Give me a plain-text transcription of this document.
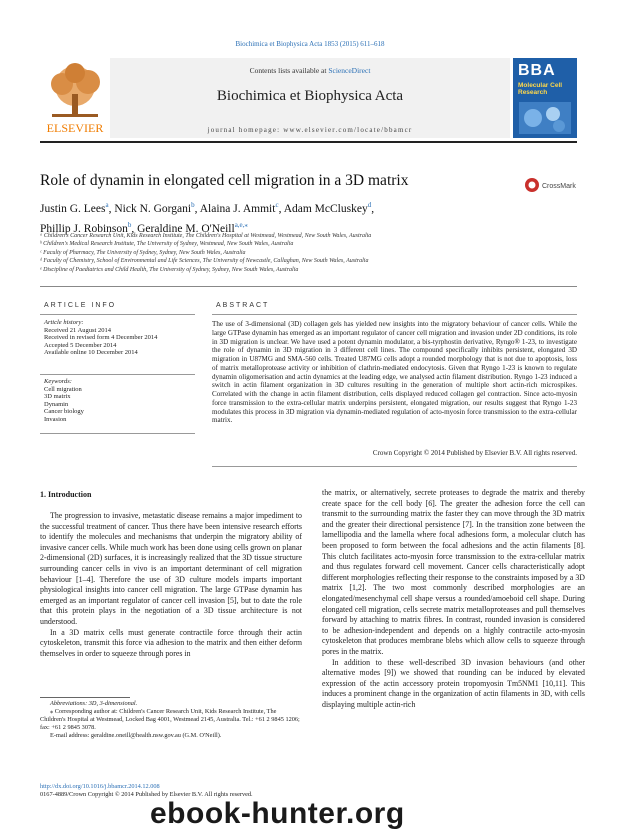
Biochimica et Biophysica Acta 1853 (2015) 611–618
ELSEVIER
Contents lists available at ScienceDirect
Biochimica et Biophysica Acta
journal homepage: www.elsevier.com/locate/bbamcr
BBA
Molecular Cell Research
Role of dynamin in elongated cell migration in a 3D matrix	CrossMark
Justin G. Lees$^a$, Nick N. Gorgani$^b$, Alaina J. Ammit$^c$, Adam McCluskey$^d$,
Phillip J. Robinson$^b$, Geraldine M. O'Neill$^{a,e,⁎}$
ᵃ Children's Cancer Research Unit, Kids Research Institute, The Children's Hospital at Westmead, Westmead, New South Wales, Australia
ᵇ Children's Medical Research Institute, The University of Sydney, Westmead, New South Wales, Australia
ᶜ Faculty of Pharmacy, The University of Sydney, Sydney, New South Wales, Australia
ᵈ Faculty of Chemistry, School of Environmental and Life Sciences, The University of Newcastle, Callaghan, New South Wales, Australia
ᵉ Discipline of Paediatrics and Child Health, The University of Sydney, Sydney, New South Wales, Australia
ARTICLE INFO
Article history:
Received 21 August 2014
Received in revised form 4 December 2014
Accepted 5 December 2014
Available online 10 December 2014
Keywords:
Cell migration
3D matrix
Dynamin
Cancer biology
Invasion
ABSTRACT
The use of 3-dimensional (3D) collagen gels has yielded new insights into the migratory behaviour of cancer cells. While the large GTPase dynamin has emerged as an important regulator of cancer cell migration and invasion under 2D conditions, its role in 3D migration is unclear. We have used a potent dynamin modulator, a bis-tyrphostin derivative, Ryngo® 1-23, to investigate the role of dynamin in 3D migration in 3 different cell lines. The compound specifically inhibits persistent, elongated 3D migration in U87MG and SMA-560 cells. Treated U87MG cells adopt a rounded morphology that is not due to apoptosis, loss of matrix metalloprotease activity or inhibition of clathrin-mediated endocytosis. Given that Ryngo 1-23 is known to regulate dynamin oligomerisation and actin dynamics at the leading edge, we analysed actin filament distribution. Ryngo 1-23 induced a switch in actin filament organization in 3D cultures resulting in the generation of multiple short actin-rich microspikes. Correlated with the change in actin filament distribution, cells displayed reduced collagen gel contraction. Since acto-myosin force transmission to the extra-cellular matrix underpins persistent, elongated migration, our results suggest that Ryngo 1-23 modulates this process in 3D migration via dynamin-mediated regulation of acto-myosin force transmission to the extra-cellular matrix.
Crown Copyright © 2014 Published by Elsevier B.V. All rights reserved.
1. Introduction

The progression to invasive, metastatic disease remains a major impediment to the successful treatment of cancer. Thus there have been intensive research efforts to identify the molecules and mechanisms that underpin the migratory ability of invasive cancer cells. While much work has been done using cells grown on planar 2-dimensional (2D) surfaces, it is increasingly realized that the 3D tissue structure surrounding cancer cells in vivo is an important determinant of cell migration behaviour [1–4]. Therefore the use of 3D culture models imparts important physiological insights into cancer cell migration. The large GTPase dynamin has emerged as an important regulator of cancer cell invasion [5], but to date the role that this protein plays in the negotiation of a 3D tissue architecture is not understood.

In a 3D matrix cells must generate contractile force through their actin cytoskeleton, transmit this force via adhesion to the matrix and then either deform themselves in order to squeeze through pores in

the matrix, or alternatively, secrete proteases to degrade the matrix and thereby create space for the cell body [6]. The greater the adhesion force the cell can transmit to the surrounding matrix the faster they can move through the 3D matrix and the greater their directional persistence [7]. In the transition zone between the lamellipodia and the lamella where focal adhesions form, a molecular clutch has been proposed to form between the focal adhesions and the actin filaments [8]. This clutch facilitates acto-myosin force transmission to the extra-cellular matrix and thus regulates forward cell movement. Cancer cells characteristically adopt different morphologies reflecting their response to the constraints imposed by a 3D matrix [1,2]. The two most commonly described morphologies are an elongated/mesenchymal cell shape versus a rounded/amoeboid cell shape. During elongated cell migration, cells secrete matrix metalloproteases and pull themselves forward by attaching to matrix fibres. In contrast, rounded invasion is considered to be adhesion-independent and depends on a highly contractile acto-myosin cytoskeleton that produces membrane blebs which allow cells to squeeze through pores in the matrix.

In addition to these well-described 3D invasion behaviours (and other alternative modes [9]) we showed that rounding can be induced by elevated expression of the actin accessory protein tropomyosin Tm5NM1 [10,11]. This induces a prominent change in the organization of actin filaments in 3D, with cells displaying multiple actin-rich

Abbreviations: 3D, 3-dimensional.

⁎ Corresponding author at: Children's Cancer Research Unit, Kids Research Institute, The Children's Hospital at Westmead, Locked Bag 4001, Westmead 2145, Australia. Tel.: +61 2 9845 1206; fax: +61 2 9845 3078.

E-mail address: geraldine.oneill@health.nsw.gov.au (G.M. O'Neill).

http://dx.doi.org/10.1016/j.bbamcr.2014.12.008
0167-4889/Crown Copyright © 2014 Published by Elsevier B.V. All rights reserved.
ebook-hunter.org
